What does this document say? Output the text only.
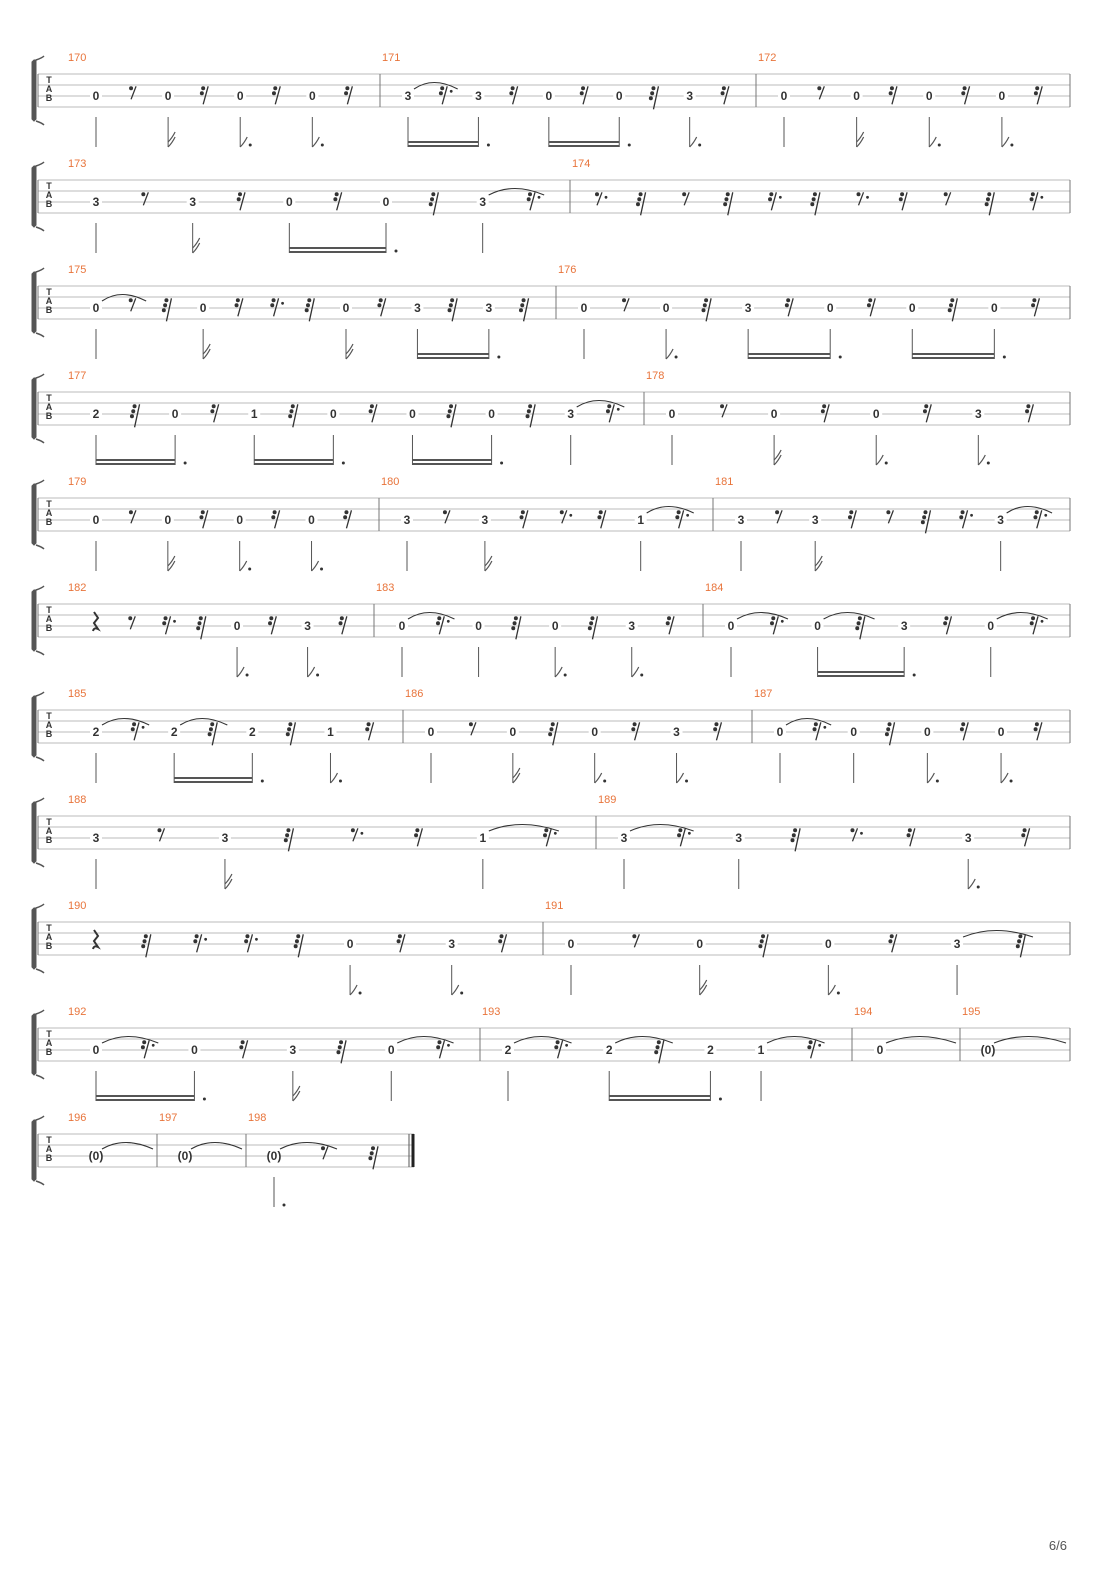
T
A
B
170
0	0	0	0
171
3	3	0	0	3
172
0	0	0	0
T
A
B
173
3	3	0	0	3
174
T
A
B
175
0	0	0	3	3
176
0	0	3	0	0	0
T
A
B
177
2	0	1	0	0	0	3
178
0	0	0	3
T
A
B
179
0	0	0	0
180
3	3	1
181
3	3	3
T
A
B
182
0	3
183
0	0	0	3
184
0	0	3	0
T
A
B
185
2	2	2	1
186
0	0	0	3
187
0	0	0	0
T
A
B
188
3	3	1
189
3	3	3
T
A
B
190
0	3
191
0	0	0	3
T
A
B
192
0	0	3	0
193
2	2	2	1
194
0
195
(0)
T
A
B
196
(0)
197
(0)
198
(0)
6/6
